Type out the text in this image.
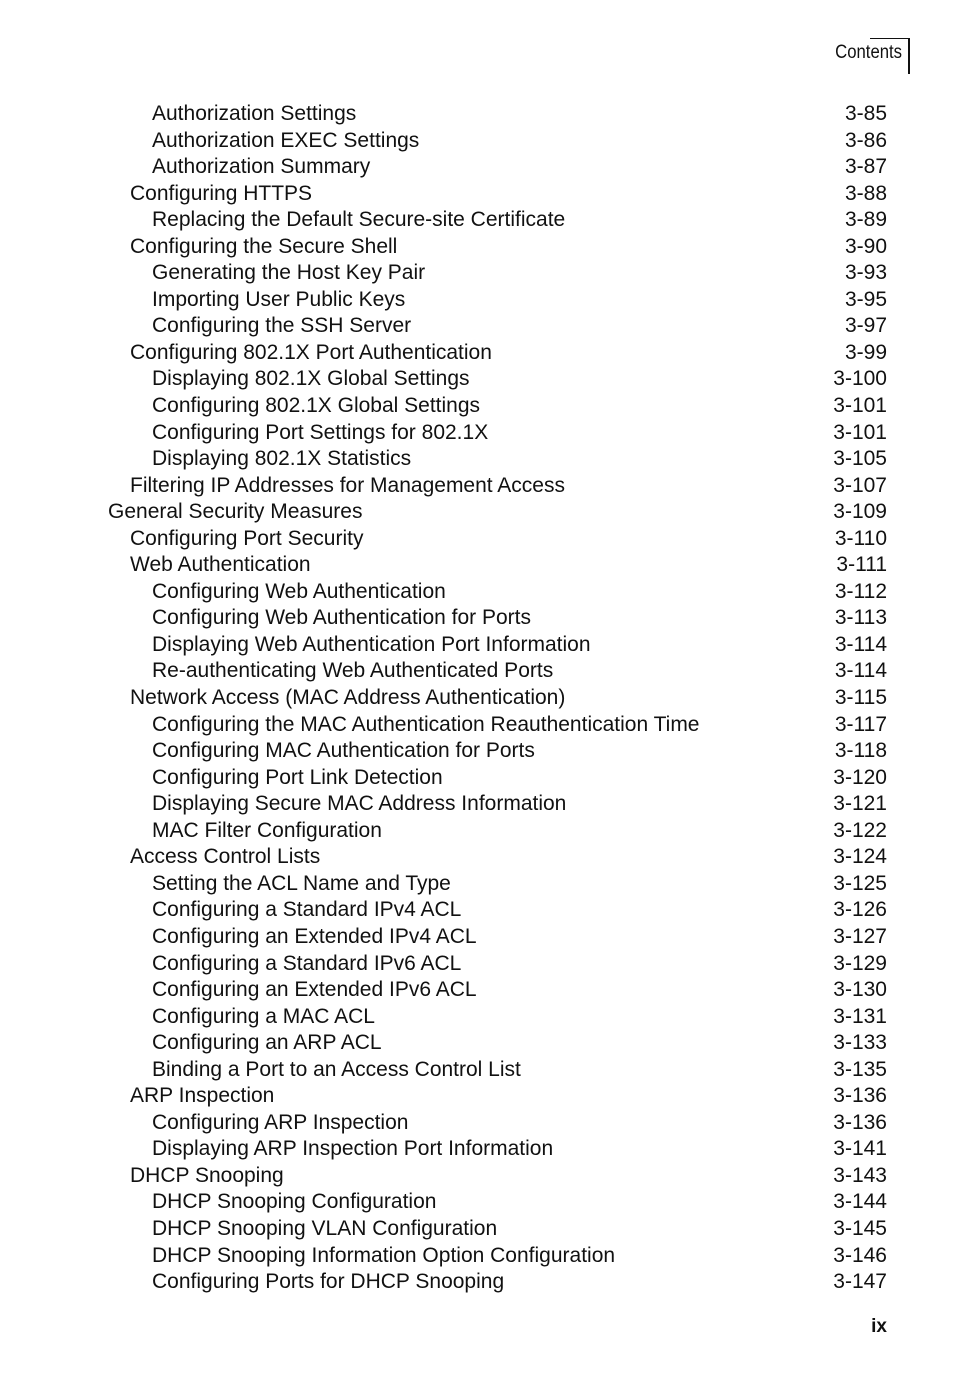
Contents
Authorization Settings	3-85
Authorization EXEC Settings	3-86
Authorization Summary	3-87
Configuring HTTPS	3-88
Replacing the Default Secure-site Certificate	3-89
Configuring the Secure Shell	3-90
Generating the Host Key Pair	3-93
Importing User Public Keys	3-95
Configuring the SSH Server	3-97
Configuring 802.1X Port Authentication	3-99
Displaying 802.1X Global Settings	3-100
Configuring 802.1X Global Settings	3-101
Configuring Port Settings for 802.1X	3-101
Displaying 802.1X Statistics	3-105
Filtering IP Addresses for Management Access	3-107
General Security Measures	3-109
Configuring Port Security	3-110
Web Authentication	3-111
Configuring Web Authentication	3-112
Configuring Web Authentication for Ports	3-113
Displaying Web Authentication Port Information	3-114
Re-authenticating Web Authenticated Ports	3-114
Network Access (MAC Address Authentication)	3-115
Configuring the MAC Authentication Reauthentication Time	3-117
Configuring MAC Authentication for Ports	3-118
Configuring Port Link Detection	3-120
Displaying Secure MAC Address Information	3-121
MAC Filter Configuration	3-122
Access Control Lists	3-124
Setting the ACL Name and Type	3-125
Configuring a Standard IPv4 ACL	3-126
Configuring an Extended IPv4 ACL	3-127
Configuring a Standard IPv6 ACL	3-129
Configuring an Extended IPv6 ACL	3-130
Configuring a MAC ACL	3-131
Configuring an ARP ACL	3-133
Binding a Port to an Access Control List	3-135
ARP Inspection	3-136
Configuring ARP Inspection	3-136
Displaying ARP Inspection Port Information	3-141
DHCP Snooping	3-143
DHCP Snooping Configuration	3-144
DHCP Snooping VLAN Configuration	3-145
DHCP Snooping Information Option Configuration	3-146
Configuring Ports for DHCP Snooping	3-147
ix
